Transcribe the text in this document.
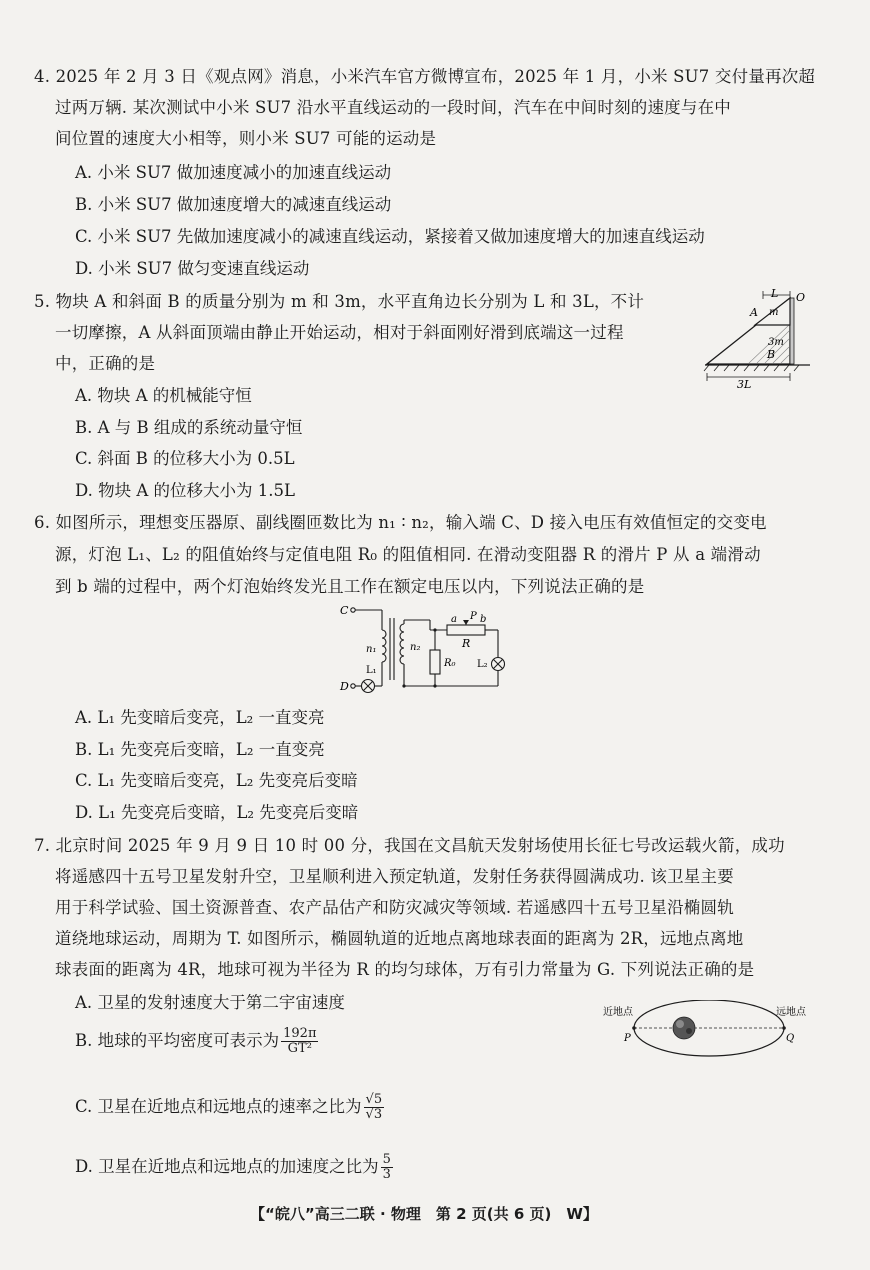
4. 2025 年 2 月 3 日《观点网》消息，小米汽车官方微博宣布，2025 年 1 月，小米 SU7 交付量再次超
过两万辆. 某次测试中小米 SU7 沿水平直线运动的一段时间，汽车在中间时刻的速度与在中
间位置的速度大小相等，则小米 SU7 可能的运动是
A. 小米 SU7 做加速度减小的加速直线运动
B. 小米 SU7 做加速度增大的减速直线运动
C. 小米 SU7 先做加速度减小的减速直线运动，紧接着又做加速度增大的加速直线运动
D. 小米 SU7 做匀变速直线运动
5. 物块 A 和斜面 B 的质量分别为 m 和 3m，水平直角边长分别为 L 和 3L，不计
一切摩擦，A 从斜面顶端由静止开始运动，相对于斜面刚好滑到底端这一过程
中，正确的是
A. 物块 A 的机械能守恒
B. A 与 B 组成的系统动量守恒
C. 斜面 B 的位移大小为 0.5L
D. 物块 A 的位移大小为 1.5L
L O
A m
3m
B
3L
6. 如图所示，理想变压器原、副线圈匝数比为 n₁ ∶ n₂，输入端 C、D 接入电压有效值恒定的交变电
源，灯泡 L₁、L₂ 的阻值始终与定值电阻 R₀ 的阻值相同. 在滑动变阻器 R 的滑片 P 从 a 端滑动
到 b 端的过程中，两个灯泡始终发光且工作在额定电压以内，下列说法正确的是
C
D
n₁	n₂
a P b
R
R₀
L₁
L₂
A. L₁ 先变暗后变亮，L₂ 一直变亮
B. L₁ 先变亮后变暗，L₂ 一直变亮
C. L₁ 先变暗后变亮，L₂ 先变亮后变暗
D. L₁ 先变亮后变暗，L₂ 先变亮后变暗
7. 北京时间 2025 年 9 月 9 日 10 时 00 分，我国在文昌航天发射场使用长征七号改运载火箭，成功
将遥感四十五号卫星发射升空，卫星顺利进入预定轨道，发射任务获得圆满成功. 该卫星主要
用于科学试验、国土资源普查、农产品估产和防灾减灾等领域. 若遥感四十五号卫星沿椭圆轨
道绕地球运动，周期为 T. 如图所示，椭圆轨道的近地点离地球表面的距离为 2R，远地点离地
球表面的距离为 4R，地球可视为半径为 R 的均匀球体，万有引力常量为 G. 下列说法正确的是
A. 卫星的发射速度大于第二宇宙速度
B. 地球的平均密度可表示为 $\frac{192\pi}{\text{GT²}}$
C. 卫星在近地点和远地点的速率之比为 $\frac{√5}{√3}$
D. 卫星在近地点和远地点的加速度之比为 $\frac{5}{3}$
近地点	远地点
P	Q
【“皖八”高三二联 · 物理　第 2 页(共 6 页)　W】
